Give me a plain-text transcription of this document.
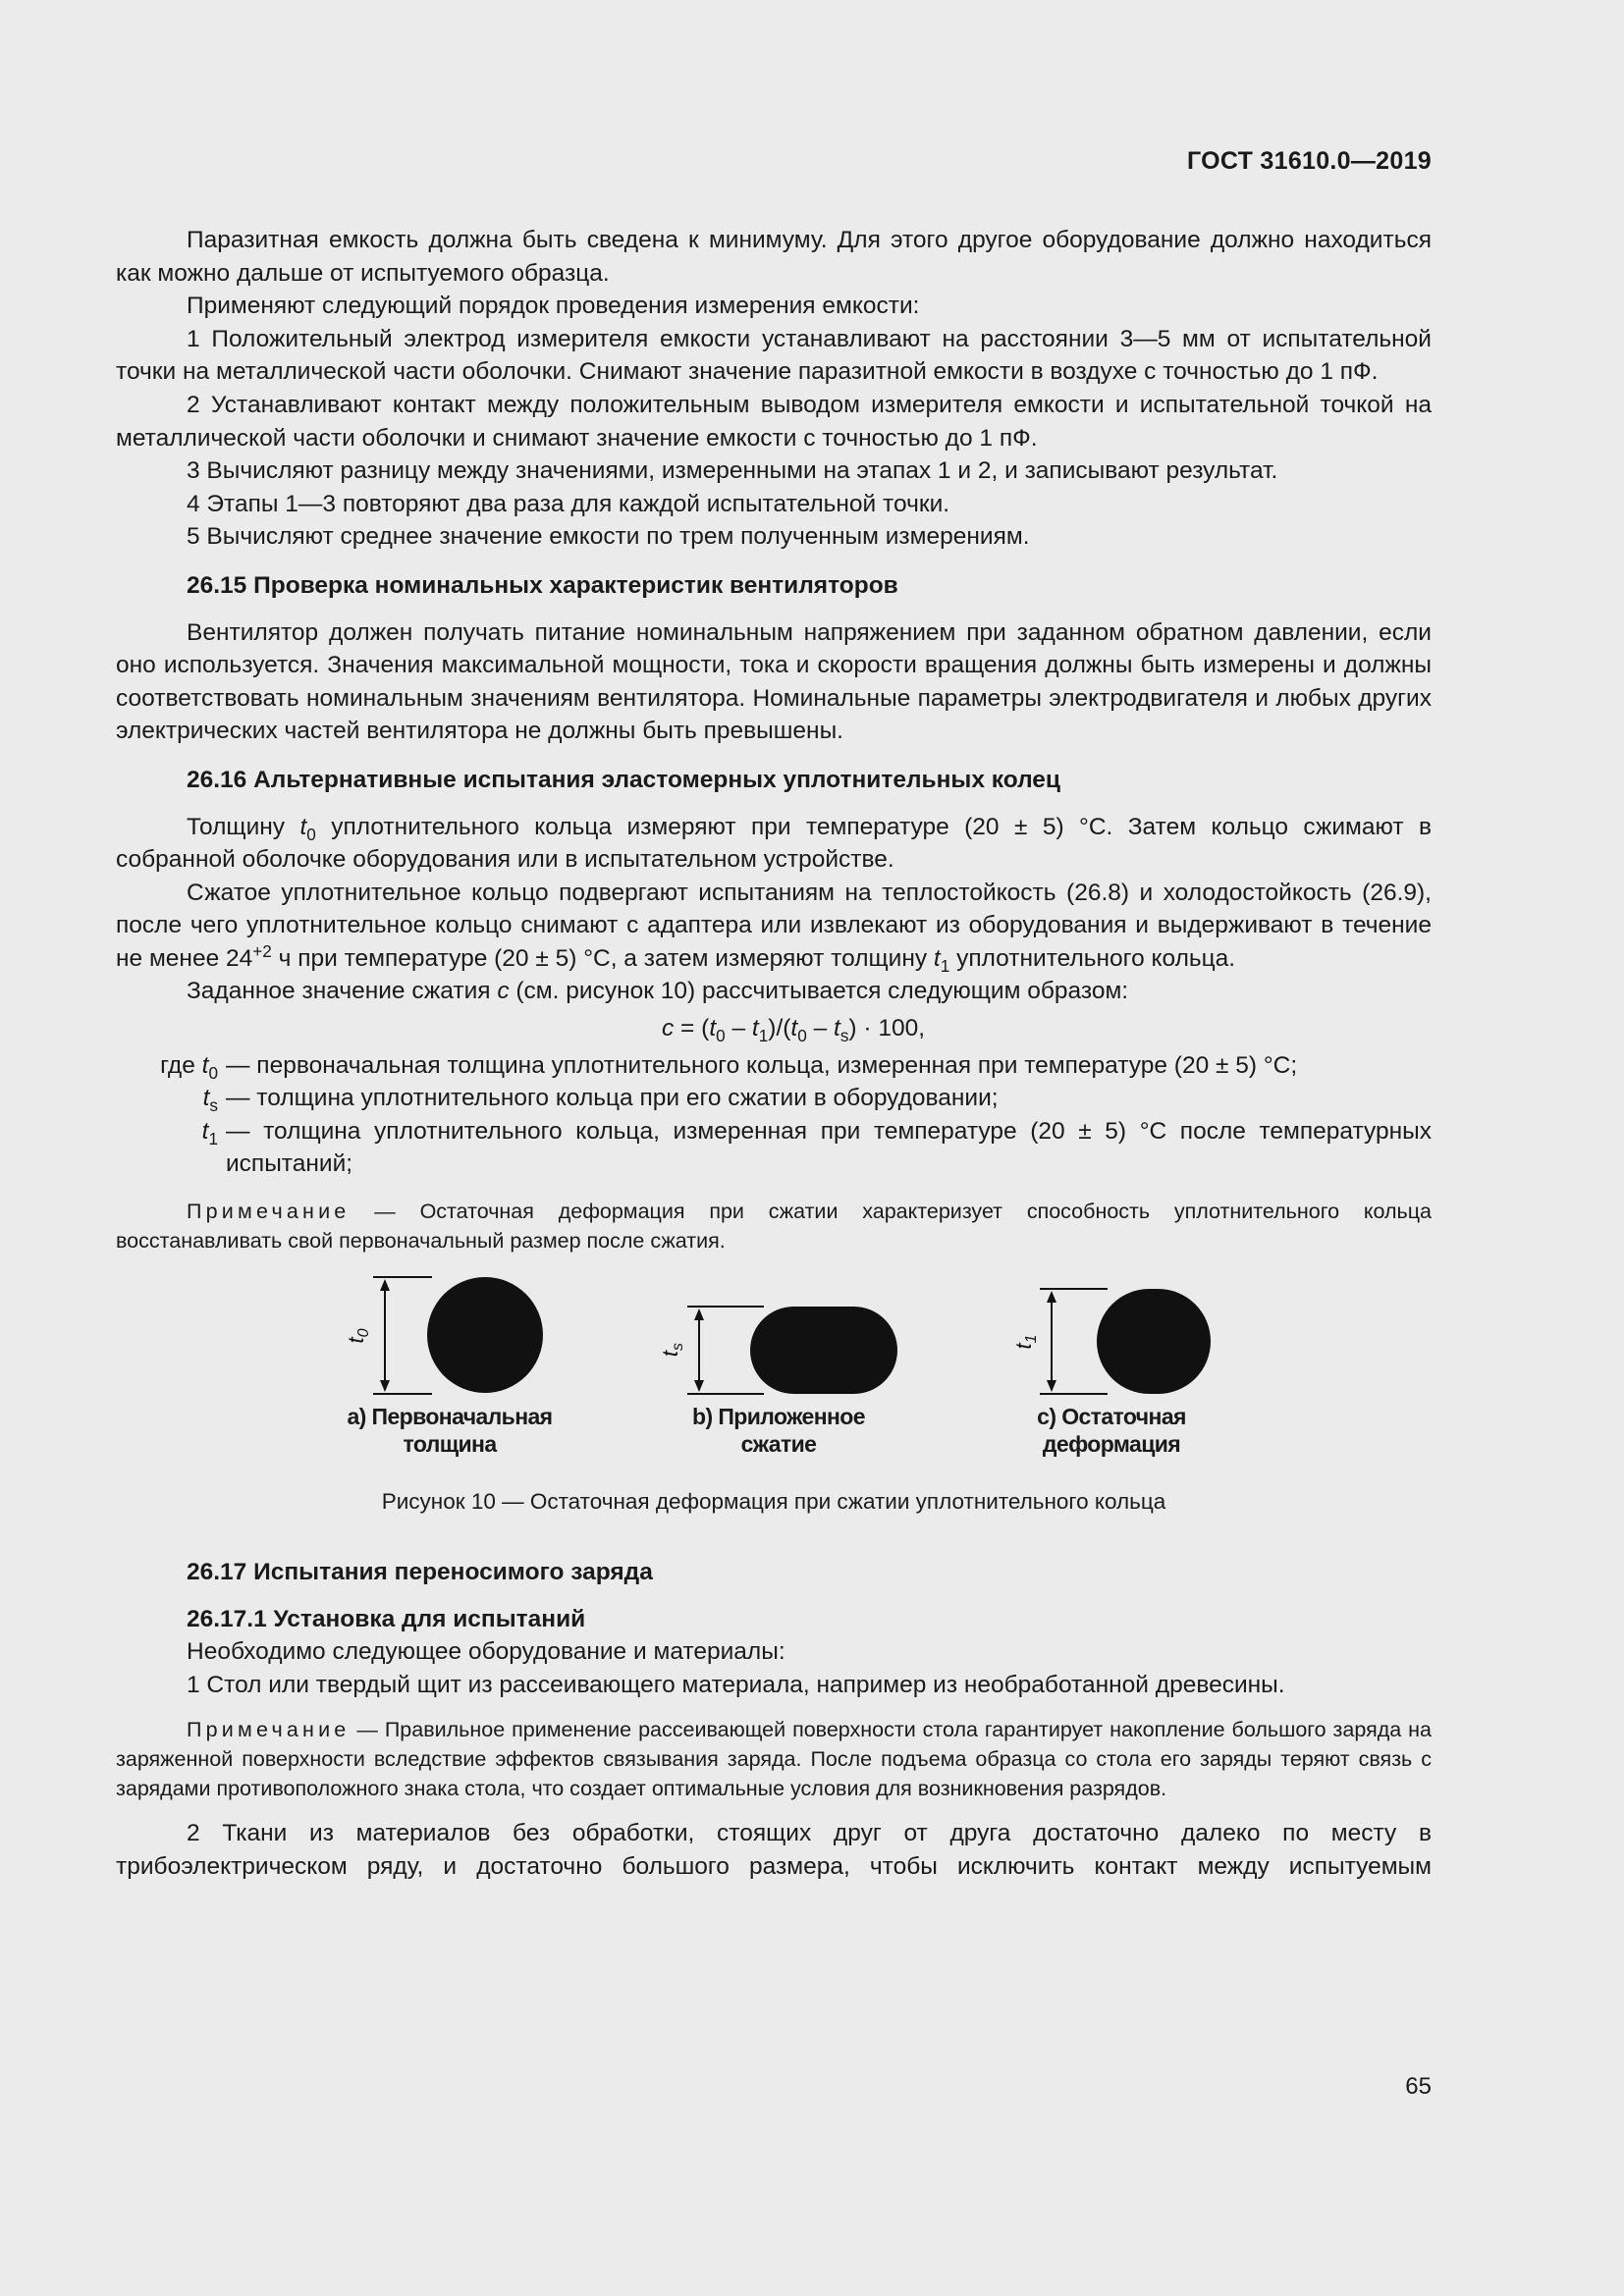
ГОСТ 31610.0—2019

Паразитная емкость должна быть сведена к минимуму. Для этого другое оборудование должно находиться как можно дальше от испытуемого образца.

Применяют следующий порядок проведения измерения емкости:

1 Положительный электрод измерителя емкости устанавливают на расстоянии 3—5 мм от испытательной точки на металлической части оболочки. Снимают значение паразитной емкости в воздухе с точностью до 1 пФ.

2 Устанавливают контакт между положительным выводом измерителя емкости и испытательной точкой на металлической части оболочки и снимают значение емкости с точностью до 1 пФ.

3 Вычисляют разницу между значениями, измеренными на этапах 1 и 2, и записывают результат.

4 Этапы 1—3 повторяют два раза для каждой испытательной точки.

5 Вычисляют среднее значение емкости по трем полученным измерениям.

26.15 Проверка номинальных характеристик вентиляторов

Вентилятор должен получать питание номинальным напряжением при заданном обратном давлении, если оно используется. Значения максимальной мощности, тока и скорости вращения должны быть измерены и должны соответствовать номинальным значениям вентилятора. Номинальные параметры электродвигателя и любых других электрических частей вентилятора не должны быть превышены.

26.16 Альтернативные испытания эластомерных уплотнительных колец

Толщину $t_0$ уплотнительного кольца измеряют при температуре (20 ± 5) °С. Затем кольцо сжимают в собранной оболочке оборудования или в испытательном устройстве.

Сжатое уплотнительное кольцо подвергают испытаниям на теплостойкость (26.8) и холодостойкость (26.9), после чего уплотнительное кольцо снимают с адаптера или извлекают из оборудования и выдерживают в течение не менее $24^{+2}$ ч при температуре (20 ± 5) °С, а затем измеряют толщину $t_1$ уплотнительного кольца.

Заданное значение сжатия c (см. рисунок 10) рассчитывается следующим образом:

$c = (t_0 - t_1)/(t_0 - t_s) \cdot 100$,
где $t_0$ — первоначальная толщина уплотнительного кольца, измеренная при температуре (20 ± 5) °С;
$t_s$ — толщина уплотнительного кольца при его сжатии в оборудовании;
$t_1$ — толщина уплотнительного кольца, измеренная при температуре (20 ± 5) °С после температурных испытаний;

Примечание — Остаточная деформация при сжатии характеризует способность уплотнительного кольца восстанавливать свой первоначальный размер после сжатия.

$t_0$
$t_s$	$t_1$
a) Первоначальная
толщина
b) Приложенное
сжатие
c) Остаточная
деформация
Рисунок 10 — Остаточная деформация при сжатии уплотнительного кольца
26.17 Испытания переносимого заряда
26.17.1 Установка для испытаний

Необходимо следующее оборудование и материалы:

1 Стол или твердый щит из рассеивающего материала, например из необработанной древесины.

Примечание — Правильное применение рассеивающей поверхности стола гарантирует накопление большого заряда на заряженной поверхности вследствие эффектов связывания заряда. После подъема образца со стола его заряды теряют связь с зарядами противоположного знака стола, что создает оптимальные условия для возникновения разрядов.

2 Ткани из материалов без обработки, стоящих друг от друга достаточно далеко по месту в трибоэлектрическом ряду, и достаточно большого размера, чтобы исключить контакт между испытуемым

65
